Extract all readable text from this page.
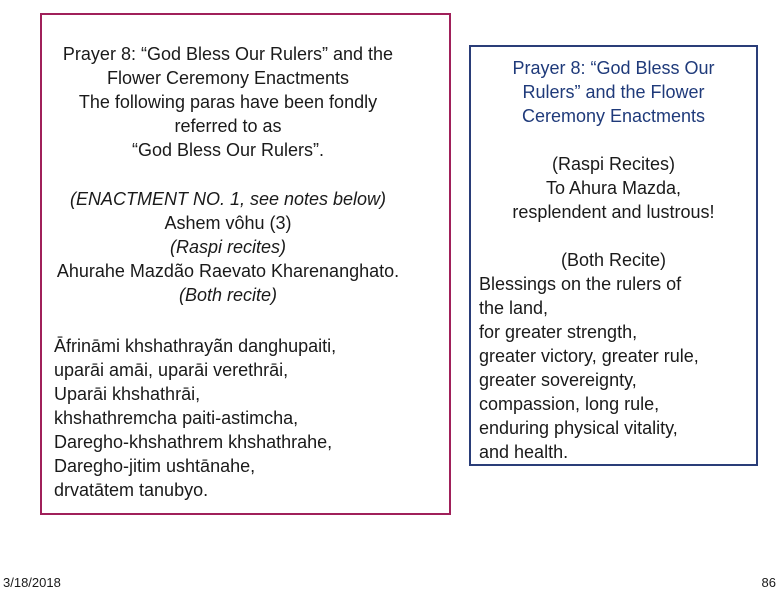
Prayer 8: “God Bless Our Rulers” and the
Flower Ceremony Enactments
The following paras have been fondly
referred to as
“God Bless Our Rulers”.
(ENACTMENT NO. 1, see notes below)
Ashem vôhu (3)
(Raspi recites)
Ahurahe Mazdão Raevato Kharenanghato.
(Both recite)
Āfrināmi khshathrayãn danghupaiti,
uparāi amāi, uparāi verethrāi,
Uparāi khshathrāi,
khshathremcha paiti-astimcha,
Daregho-khshathrem khshathrahe,
Daregho-jitim ushtānahe,
drvatātem tanubyo.
Prayer 8: “God Bless Our
Rulers” and the Flower
Ceremony Enactments
(Raspi Recites)
To Ahura Mazda,
resplendent and lustrous!
(Both Recite)
Blessings on the rulers of
the land,
for greater strength,
greater victory, greater rule,
greater sovereignty,
compassion, long rule,
enduring physical vitality,
and health.
3/18/2018	86
